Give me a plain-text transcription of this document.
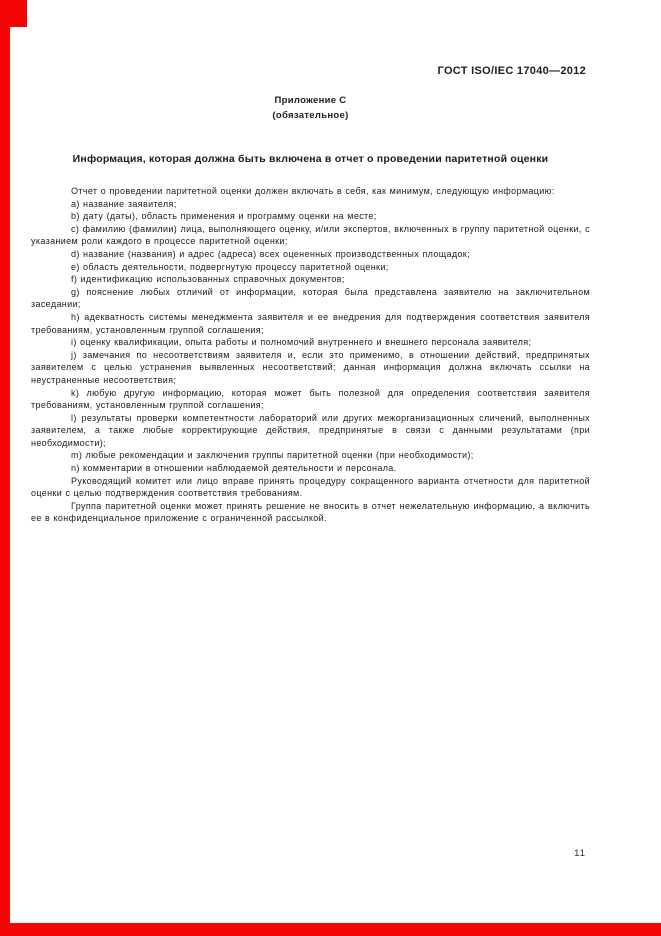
ГОСТ ISO/IEC 17040—2012
Приложение С
(обязательное)
Информация, которая должна быть включена в отчет о проведении паритетной оценки

Отчет о проведении паритетной оценки должен включать в себя, как минимум, следующую информацию:

a) название заявителя;

b) дату (даты), область применения и программу оценки на месте;

c) фамилию (фамилии) лица, выполняющего оценку, и/или экспертов, включенных в группу паритетной оценки, с указанием роли каждого в процессе паритетной оценки;

d) название (названия) и адрес (адреса) всех оцененных производственных площадок;

e) область деятельности, подвергнутую процессу паритетной оценки;

f) идентификацию использованных справочных документов;

g) пояснение любых отличий от информации, которая была представлена заявителю на заключительном заседании;

h) адекватность системы менеджмента заявителя и ее внедрения для подтверждения соответствия заявителя требованиям, установленным группой соглашения;

i) оценку квалификации, опыта работы и полномочий внутреннего и внешнего персонала заявителя;

j) замечания по несоответствиям заявителя и, если это применимо, в отношении действий, предпринятых заявителем с целью устранения выявленных несоответствий; данная информация должна включать ссылки на неустраненные несоответствия;

k) любую другую информацию, которая может быть полезной для определения соответствия заявителя требованиям, установленным группой соглашения;

l) результаты проверки компетентности лабораторий или других межорганизационных сличений, выполненных заявителем, а также любые корректирующие действия, предпринятые в связи с данными результатами (при необходимости);

m) любые рекомендации и заключения группы паритетной оценки (при необходимости);

n) комментарии в отношении наблюдаемой деятельности и персонала.

Руководящий комитет или лицо вправе принять процедуру сокращенного варианта отчетности для паритетной оценки с целью подтверждения соответствия требованиям.

Группа паритетной оценки может принять решение не вносить в отчет нежелательную информацию, а включить ее в конфиденциальное приложение с ограниченной рассылкой.

11
